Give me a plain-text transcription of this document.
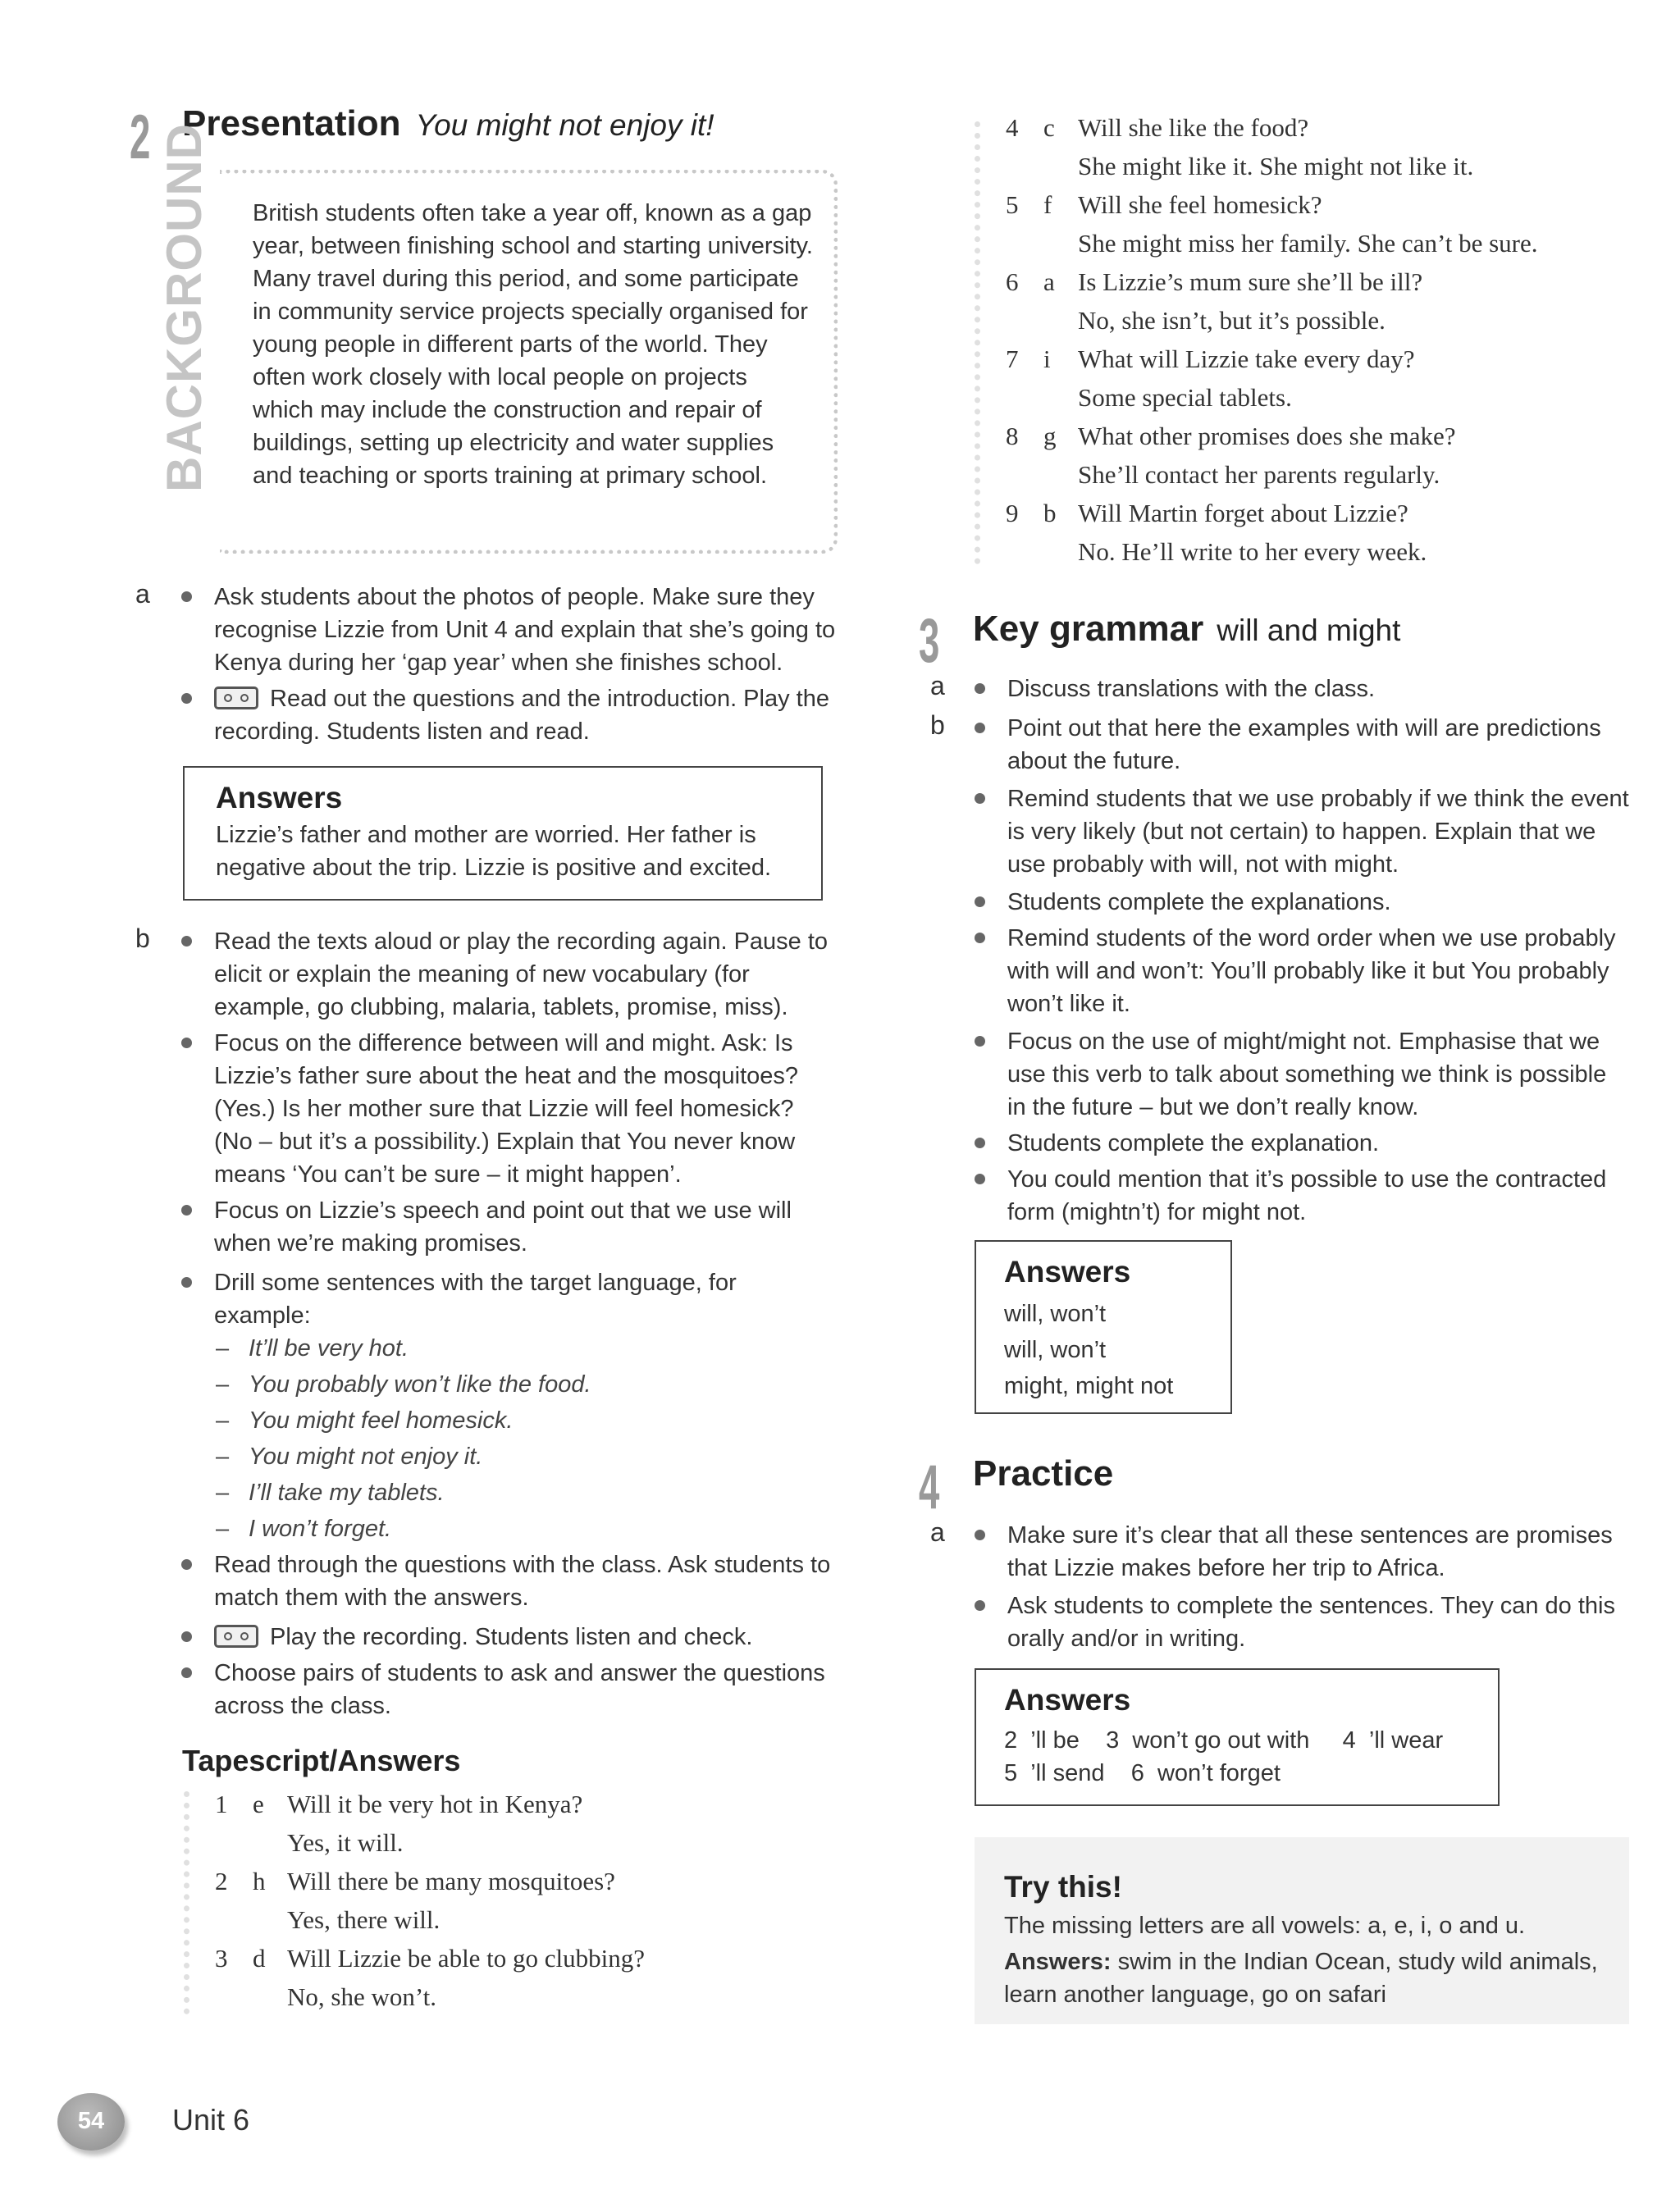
2 Presentation You might not enjoy it!
BACKGROUND British students often take a year off, known as a gap year, between finishing school and starting university. Many travel during this period, and some participate in community service projects specially organised for young people in different parts of the world. They often work closely with local people on projects which may include the construction and repair of buildings, setting up electricity and water supplies and teaching or sports training at primary school.
a	Ask students about the photos of people. Make sure they recognise Lizzie from Unit 4 and explain that she’s going to Kenya during her ‘gap year’ when she finishes school.
Read out the questions and the introduction. Play the recording. Students listen and read.
Answers
Lizzie’s father and mother are worried. Her father is negative about the trip. Lizzie is positive and excited.
b	Read the texts aloud or play the recording again. Pause to elicit or explain the meaning of new vocabulary (for example, go clubbing, malaria, tablets, promise, miss).
Focus on the difference between will and might. Ask: Is Lizzie’s father sure about the heat and the mosquitoes? (Yes.) Is her mother sure that Lizzie will feel homesick? (No – but it’s a possibility.) Explain that You never know means ‘You can’t be sure – it might happen’.
Focus on Lizzie’s speech and point out that we use will when we’re making promises.
Drill some sentences with the target language, for example:
– It’ll be very hot.
– You probably won’t like the food.
– You might feel homesick.
– You might not enjoy it.
– I’ll take my tablets.
– I won’t forget.
Read through the questions with the class. Ask students to match them with the answers.
Play the recording. Students listen and check.
Choose pairs of students to ask and answer the questions across the class.
Tapescript/Answers
1 e Will it be very hot in Kenya?
Yes, it will.
2 h Will there be many mosquitoes?
Yes, there will.
3 d Will Lizzie be able to go clubbing?
No, she won’t.
4 c Will she like the food?
She might like it. She might not like it.
5 f Will she feel homesick?
She might miss her family. She can’t be sure.
6 a Is Lizzie’s mum sure she’ll be ill?
No, she isn’t, but it’s possible.
7 i What will Lizzie take every day?
Some special tablets.
8 g What other promises does she make?
She’ll contact her parents regularly.
9 b Will Martin forget about Lizzie?
No. He’ll write to her every week.
3 Key grammar will and might
a	Discuss translations with the class.
b	Point out that here the examples with will are predictions about the future.
Remind students that we use probably if we think the event is very likely (but not certain) to happen. Explain that we use probably with will, not with might.
Students complete the explanations.
Remind students of the word order when we use probably with will and won’t: You’ll probably like it but You probably won’t like it.
Focus on the use of might/might not. Emphasise that we use this verb to talk about something we think is possible in the future – but we don’t really know.
Students complete the explanation.
You could mention that it’s possible to use the contracted form (mightn’t) for might not.
Answers
will, won’t
will, won’t
might, might not
4 Practice
a	Make sure it’s clear that all these sentences are promises that Lizzie makes before her trip to Africa.
Ask students to complete the sentences. They can do this orally and/or in writing.
Answers
2  ’ll be    3  won’t go out with     4  ’ll wear
5  ’ll send    6  won’t forget
Try this!
The missing letters are all vowels: a, e, i, o and u.
Answers: swim in the Indian Ocean, study wild animals, learn another language, go on safari
54	Unit 6
